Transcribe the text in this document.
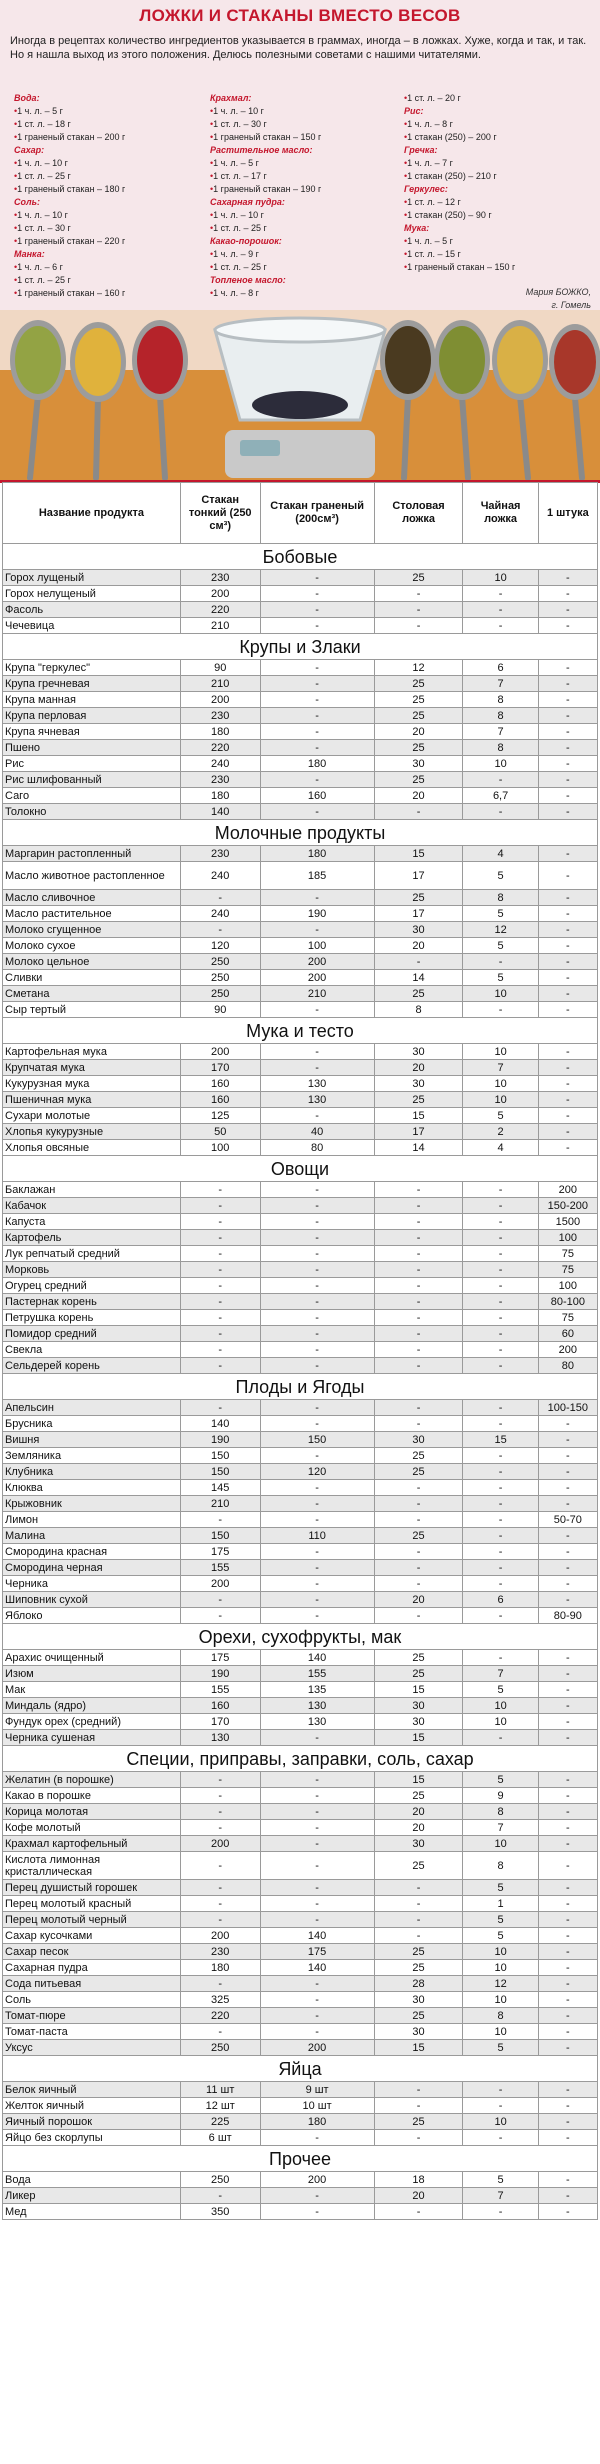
ЛОЖКИ И СТАКАНЫ ВМЕСТО ВЕСОВ
Иногда в рецептах количество ингредиентов указывается в граммах, иногда – в ложках. Хуже, когда и так, и так. Но я нашла выход из этого положения. Делюсь полезными советами с нашими читателями.
Вода:
• 1 ч. л. – 5 г
• 1 ст. л. – 18 г
• 1 граненый стакан – 200 г
Сахар:
• 1 ч. л. – 10 г
• 1 ст. л. – 25 г
• 1 граненый стакан – 180 г
Соль:
• 1 ч. л. – 10 г
• 1 ст. л. – 30 г
• 1 граненый стакан – 220 г
Манка:
• 1 ч. л. – 6 г
• 1 ст. л. – 25 г
• 1 граненый стакан – 160 г
Крахмал:
• 1 ч. л. – 10 г
• 1 ст. л. – 30 г
• 1 граненый стакан – 150 г
Растительное масло:
• 1 ч. л. – 5 г
• 1 ст. л. – 17 г
• 1 граненый стакан – 190 г
Сахарная пудра:
• 1 ч. л. – 10 г
• 1 ст. л. – 25 г
Какао-порошок:
• 1 ч. л. – 9 г
• 1 ст. л. – 25 г
Топленое масло:
• 1 ч. л. – 8 г
• 1 ст. л. – 20 г
Рис:
• 1 ч. л. – 8 г
• 1 стакан (250) – 200 г
Гречка:
• 1 ч. л. – 7 г
• 1 стакан (250) – 210 г
Геркулес:
• 1 ст. л. – 12 г
• 1 стакан (250) – 90 г
Мука:
• 1 ч. л. – 5 г
• 1 ст. л. – 15 г
• 1 граненый стакан – 150 г
Мария БОЖКО,
г. Гомель
Название продукта	Стакан тонкий (250 см³)	Стакан граненый (200см³)	Столовая ложка	Чайная ложка	1 штука
Бобовые					
Горох лущеный	230	-	25	10	-
Горох нелущеный	200	-	-	-	-
Фасоль	220	-	-	-	-
Чечевица	210	-	-	-	-
Крупы и Злаки					
Крупа "геркулес"	90	-	12	6	-
Крупа гречневая	210	-	25	7	-
Крупа манная	200	-	25	8	-
Крупа перловая	230	-	25	8	-
Крупа ячневая	180	-	20	7	-
Пшено	220	-	25	8	-
Рис	240	180	30	10	-
Рис шлифованный	230	-	25	-	-
Саго	180	160	20	6,7	-
Толокно	140	-	-	-	-
Молочные продукты					
Маргарин растопленный	230	180	15	4	-
Масло животное растопленное	240	185	17	5	-
Масло сливочное	-	-	25	8	-
Масло растительное	240	190	17	5	-
Молоко сгущенное	-	-	30	12	-
Молоко сухое	120	100	20	5	-
Молоко цельное	250	200	-	-	-
Сливки	250	200	14	5	-
Сметана	250	210	25	10	-
Сыр тертый	90	-	8	-	-
Мука и тесто					
Картофельная мука	200	-	30	10	-
Крупчатая мука	170	-	20	7	-
Кукурузная мука	160	130	30	10	-
Пшеничная мука	160	130	25	10	-
Сухари молотые	125	-	15	5	-
Хлопья кукурузные	50	40	17	2	-
Хлопья овсяные	100	80	14	4	-
Овощи					
Баклажан	-	-	-	-	200
Кабачок	-	-	-	-	150-200
Капуста	-	-	-	-	1500
Картофель	-	-	-	-	100
Лук репчатый средний	-	-	-	-	75
Морковь	-	-	-	-	75
Огурец средний	-	-	-	-	100
Пастернак корень	-	-	-	-	80-100
Петрушка корень	-	-	-	-	75
Помидор средний	-	-	-	-	60
Свекла	-	-	-	-	200
Сельдерей корень	-	-	-	-	80
Плоды и Ягоды					
Апельсин	-	-	-	-	100-150
Брусника	140	-	-	-	-
Вишня	190	150	30	15	-
Земляника	150	-	25	-	-
Клубника	150	120	25	-	-
Клюква	145	-	-	-	-
Крыжовник	210	-	-	-	-
Лимон	-	-	-	-	50-70
Малина	150	110	25	-	-
Смородина красная	175	-	-	-	-
Смородина черная	155	-	-	-	-
Черника	200	-	-	-	-
Шиповник сухой	-	-	20	6	-
Яблоко	-	-	-	-	80-90
Орехи, сухофрукты, мак					
Арахис очищенный	175	140	25	-	-
Изюм	190	155	25	7	-
Мак	155	135	15	5	-
Миндаль (ядро)	160	130	30	10	-
Фундук орех (средний)	170	130	30	10	-
Черника сушеная	130	-	15	-	-
Специи, приправы, заправки, соль, сахар					
Желатин (в порошке)	-	-	15	5	-
Какао в порошке	-	-	25	9	-
Корица молотая	-	-	20	8	-
Кофе молотый	-	-	20	7	-
Крахмал картофельный	200	-	30	10	-
Кислота лимонная кристаллическая	-	-	25	8	-
Перец душистый горошек	-	-	-	5	-
Перец молотый красный	-	-	-	1	-
Перец молотый черный	-	-	-	5	-
Сахар кусочками	200	140	-	5	-
Сахар песок	230	175	25	10	-
Сахарная пудра	180	140	25	10	-
Сода питьевая	-	-	28	12	-
Соль	325	-	30	10	-
Томат-пюре	220	-	25	8	-
Томат-паста	-	-	30	10	-
Уксус	250	200	15	5	-
Яйца					
Белок яичный	11 шт	9 шт	-	-	-
Желток яичный	12 шт	10 шт	-	-	-
Яичный порошок	225	180	25	10	-
Яйцо без скорлупы	6 шт	-	-	-	-
Прочее					
Вода	250	200	18	5	-
Ликер	-	-	20	7	-
Мед	350	-	-	-	-
